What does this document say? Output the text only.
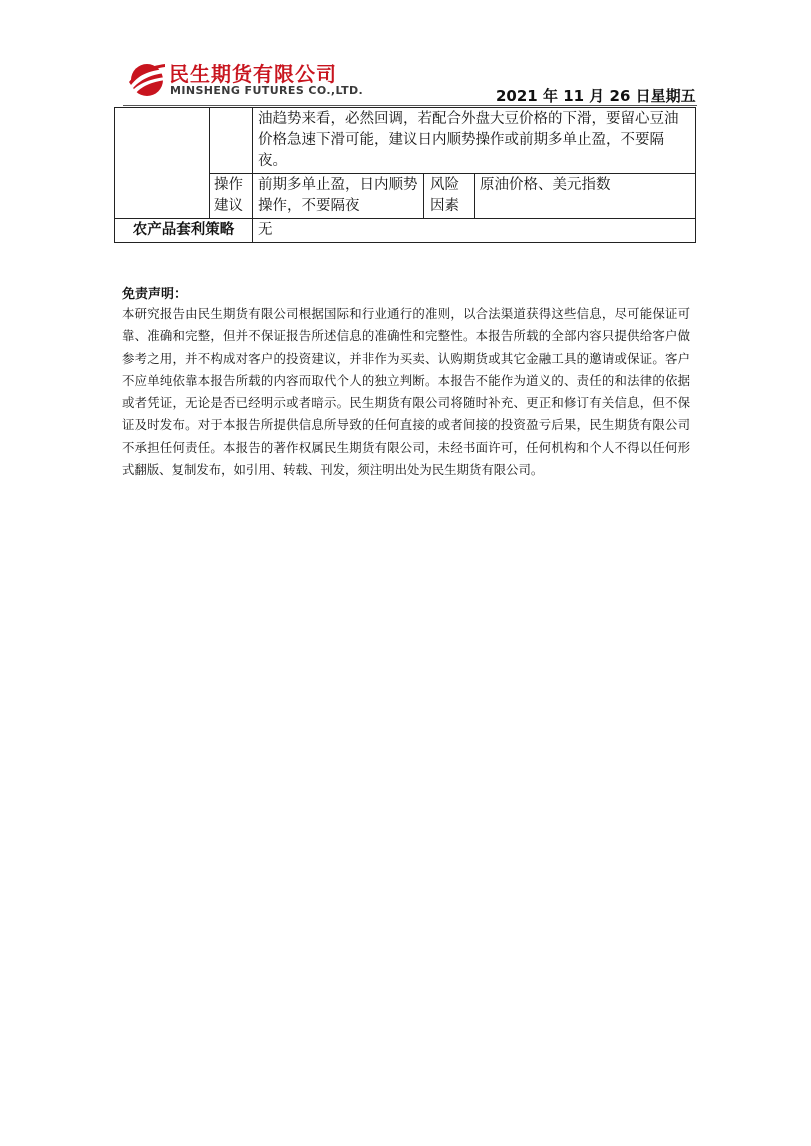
民生期货有限公司
MINSHENG FUTURES CO.,LTD.	2021 年 11 月 26 日星期五
		油趋势来看，必然回调，若配合外盘大豆价格的下滑，要留心豆油价格急速下滑可能，建议日内顺势操作或前期多单止盈，不要隔夜。		
	操作建议	前期多单止盈，日内顺势操作，不要隔夜	风险因素	原油价格、美元指数
农产品套利策略		无		
免责声明：
本研究报告由民生期货有限公司根据国际和行业通行的准则，以合法渠道获得这些信息，尽可能保证可靠、准确和完整，但并不保证报告所述信息的准确性和完整性。本报告所载的全部内容只提供给客户做参考之用，并不构成对客户的投资建议，并非作为买卖、认购期货或其它金融工具的邀请或保证。客户不应单纯依靠本报告所载的内容而取代个人的独立判断。本报告不能作为道义的、责任的和法律的依据或者凭证，无论是否已经明示或者暗示。民生期货有限公司将随时补充、更正和修订有关信息，但不保证及时发布。对于本报告所提供信息所导致的任何直接的或者间接的投资盈亏后果，民生期货有限公司不承担任何责任。本报告的著作权属民生期货有限公司，未经书面许可，任何机构和个人不得以任何形式翻版、复制发布，如引用、转载、刊发，须注明出处为民生期货有限公司。
